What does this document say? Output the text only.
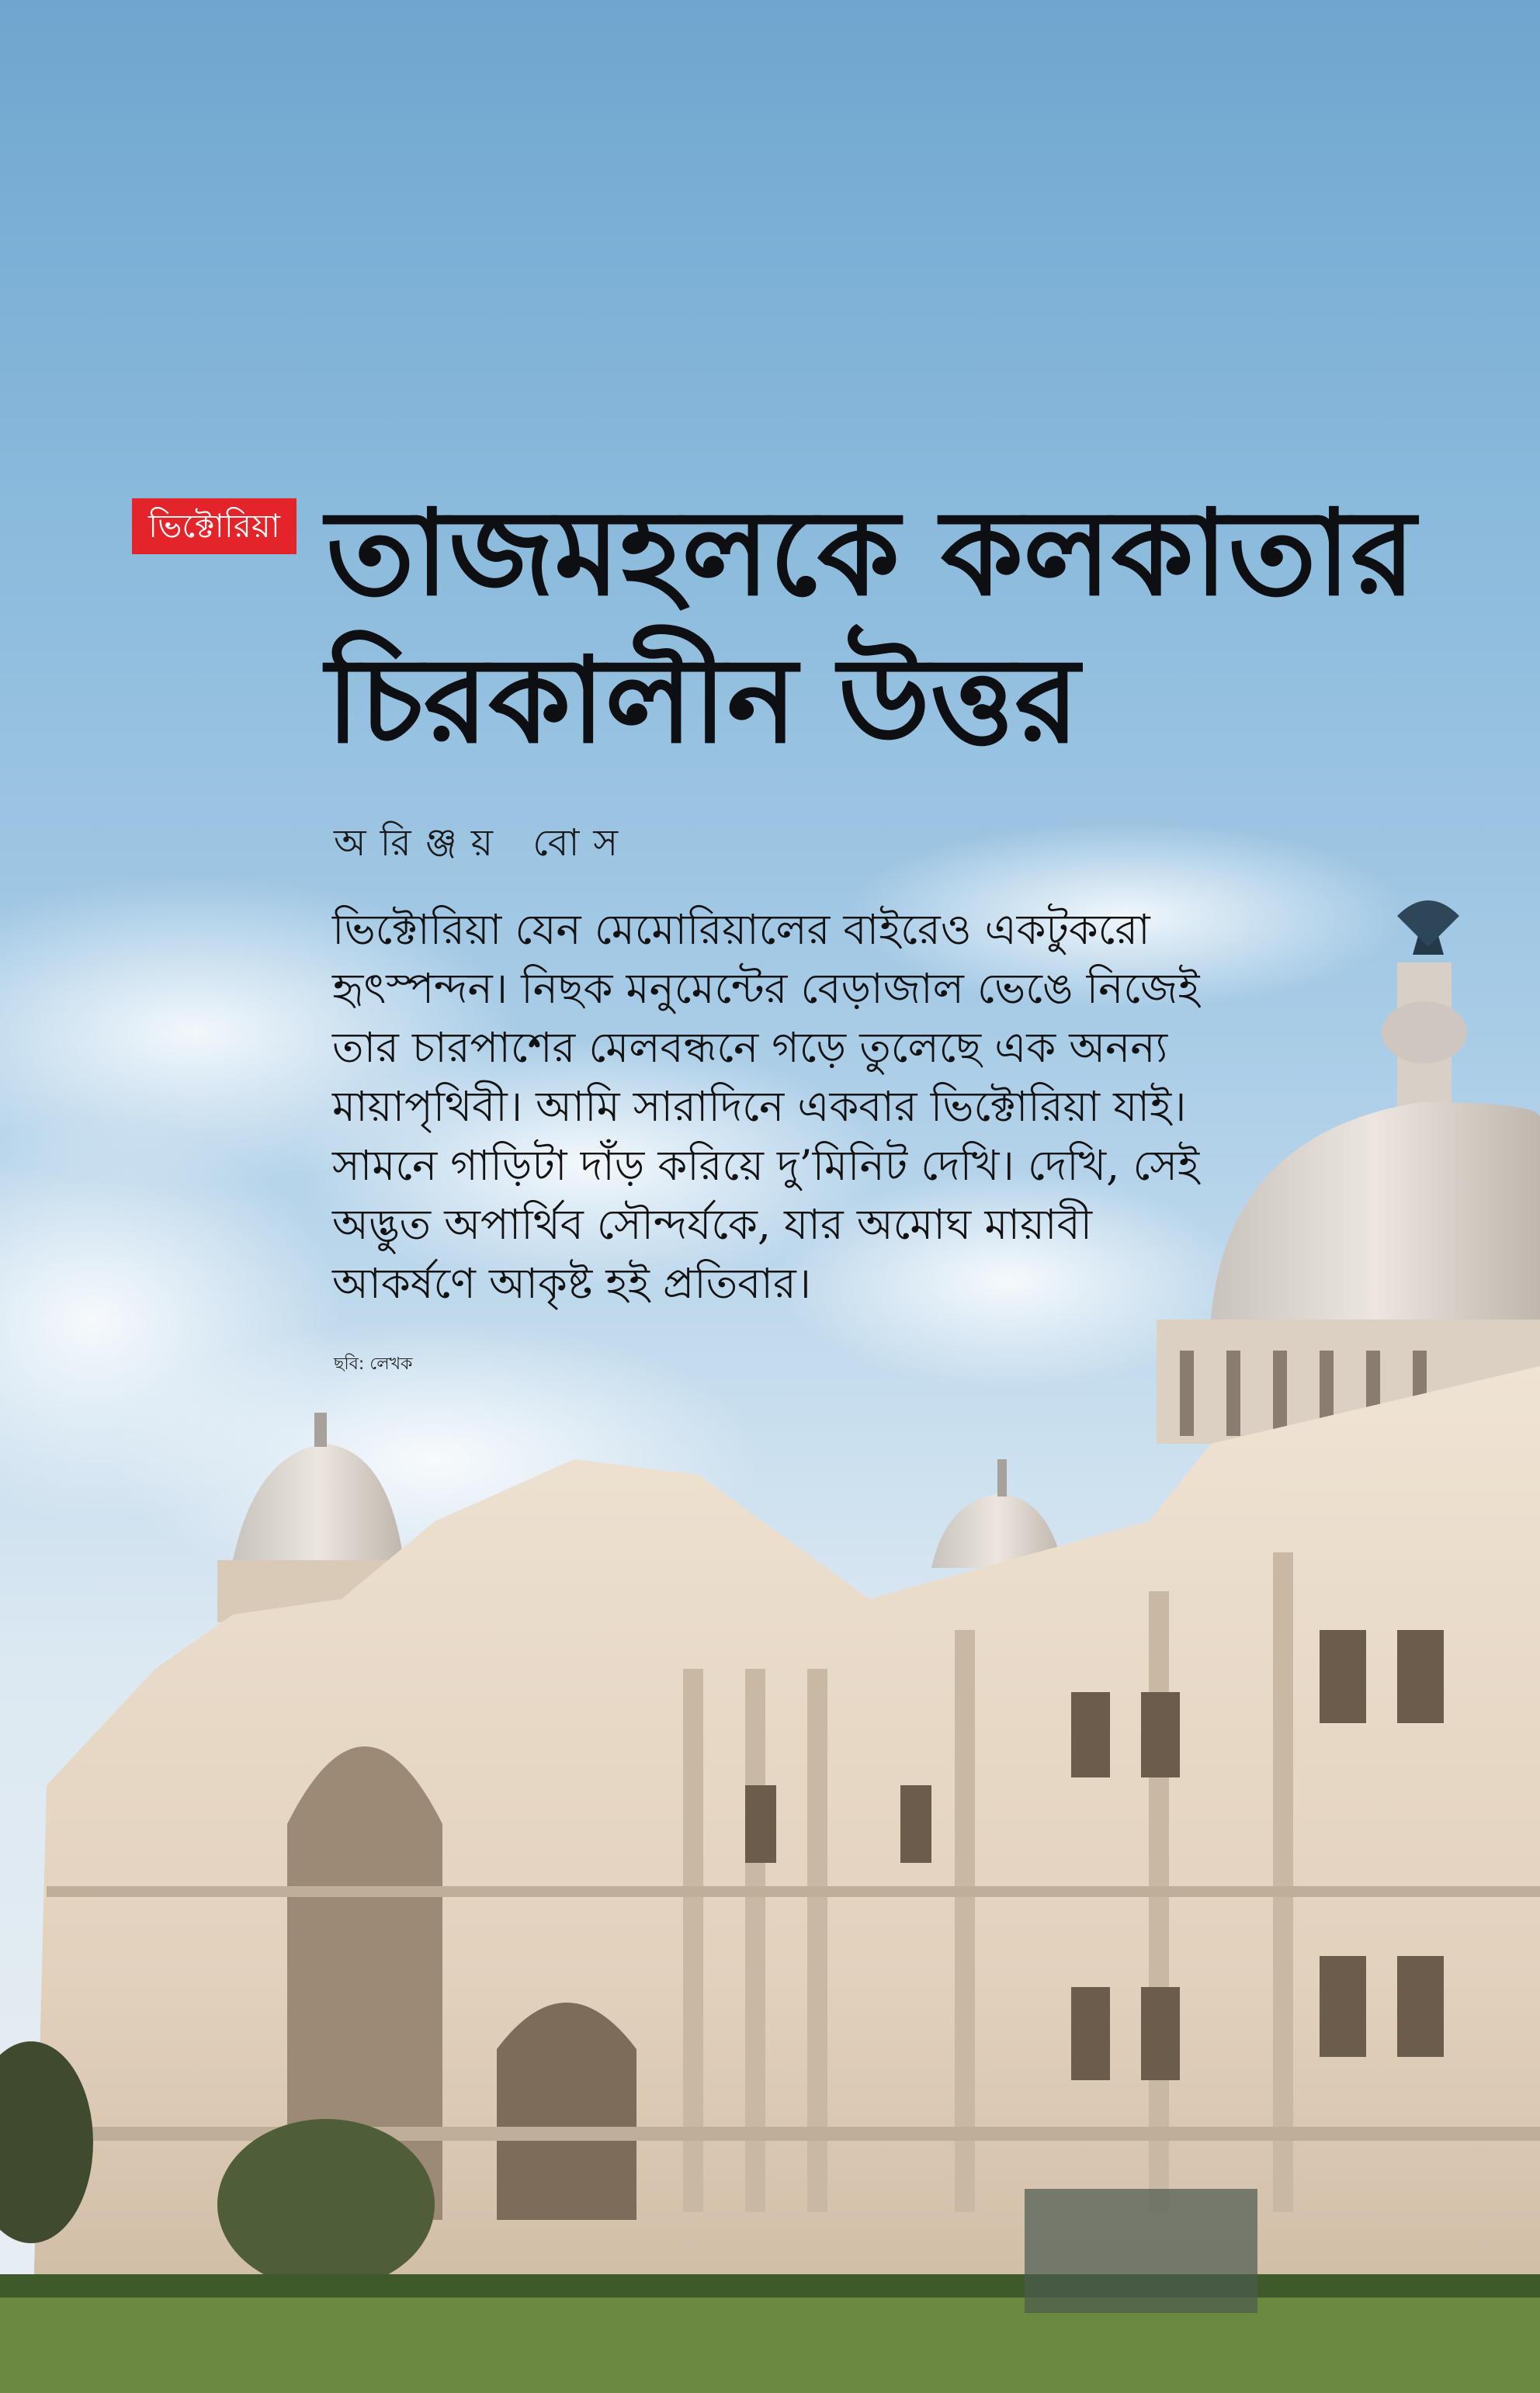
ভিক্টোরিয়া তাজমহলকে কলকাতার
চিরকালীন উত্তর
অরিঞ্জয় বোস

ভিক্টোরিয়া যেন মেমোরিয়ালের বাইরেও একটুকরো
হৃৎস্পন্দন। নিছক মনুমেন্টের বেড়াজাল ভেঙে নিজেই
তার চারপাশের মেলবন্ধনে গড়ে তুলেছে এক অনন্য
মায়াপৃথিবী। আমি সারাদিনে একবার ভিক্টোরিয়া যাই।
সামনে গাড়িটা দাঁড় করিয়ে দু’মিনিট দেখি। দেখি, সেই
অদ্ভুত অপার্থিব সৌন্দর্যকে, যার অমোঘ মায়াবী
আকর্ষণে আকৃষ্ট হই প্রতিবার।

ছবি: লেখক
